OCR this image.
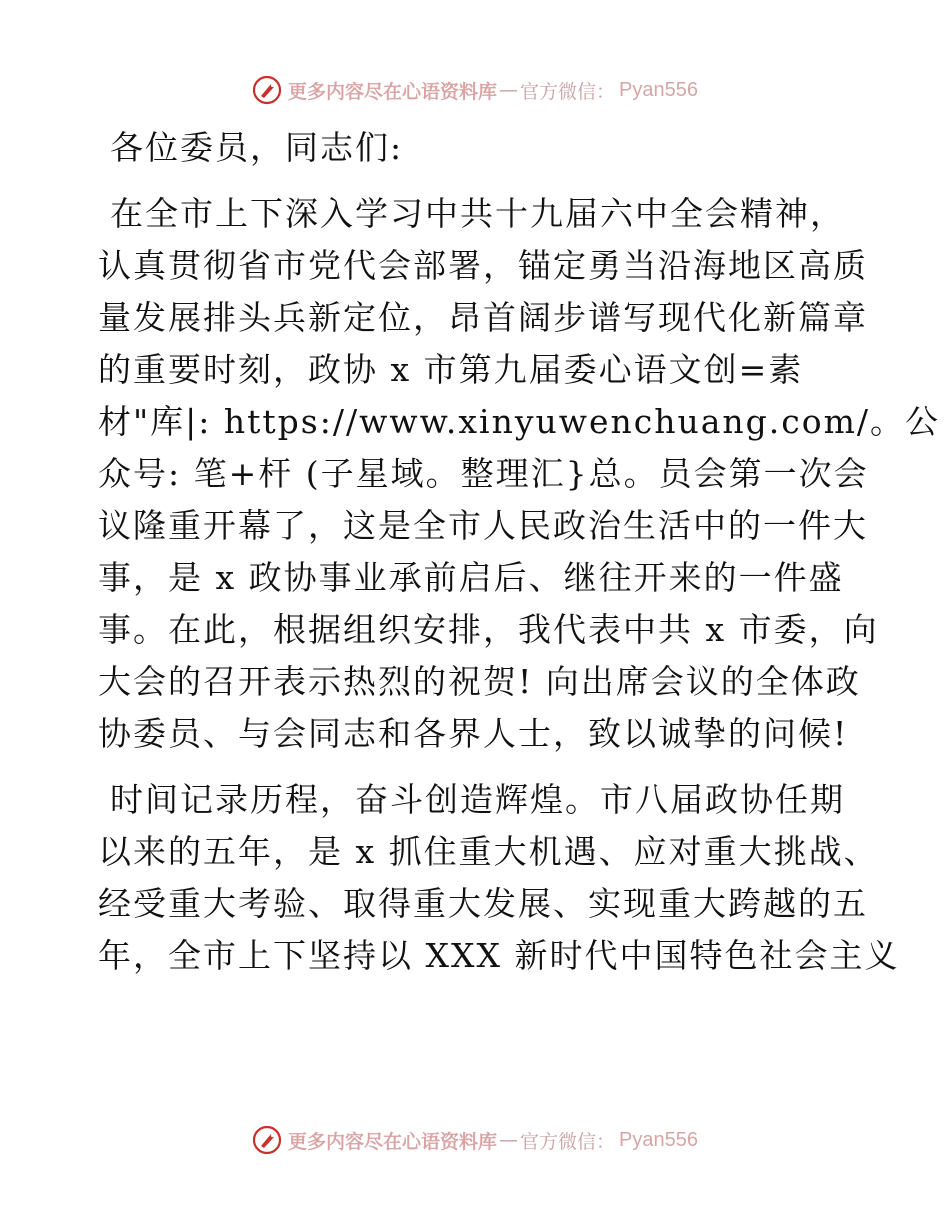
更多内容尽在心语资料库 — 官方微信： Pyan556
各位委员，同志们:
在全市上下深入学习中共十九届六中全会精神，
认真贯彻省市党代会部署，锚定勇当沿海地区高质
量发展排头兵新定位，昂首阔步谱写现代化新篇章
的重要时刻，政协 x 市第九届委心语文创=素
材"库|: https://www.xinyuwenchuang.com/。公
众号: 笔+杆 (子星域。整理汇}总。员会第一次会
议隆重开幕了，这是全市人民政治生活中的一件大
事，是 x 政协事业承前启后、继往开来的一件盛
事。在此，根据组织安排，我代表中共 x 市委，向
大会的召开表示热烈的祝贺! 向出席会议的全体政
协委员、与会同志和各界人士，致以诚挚的问候!
时间记录历程，奋斗创造辉煌。市八届政协任期
以来的五年，是 x 抓住重大机遇、应对重大挑战、
经受重大考验、取得重大发展、实现重大跨越的五
年，全市上下坚持以 XXX 新时代中国特色社会主义
更多内容尽在心语资料库 — 官方微信： Pyan556
